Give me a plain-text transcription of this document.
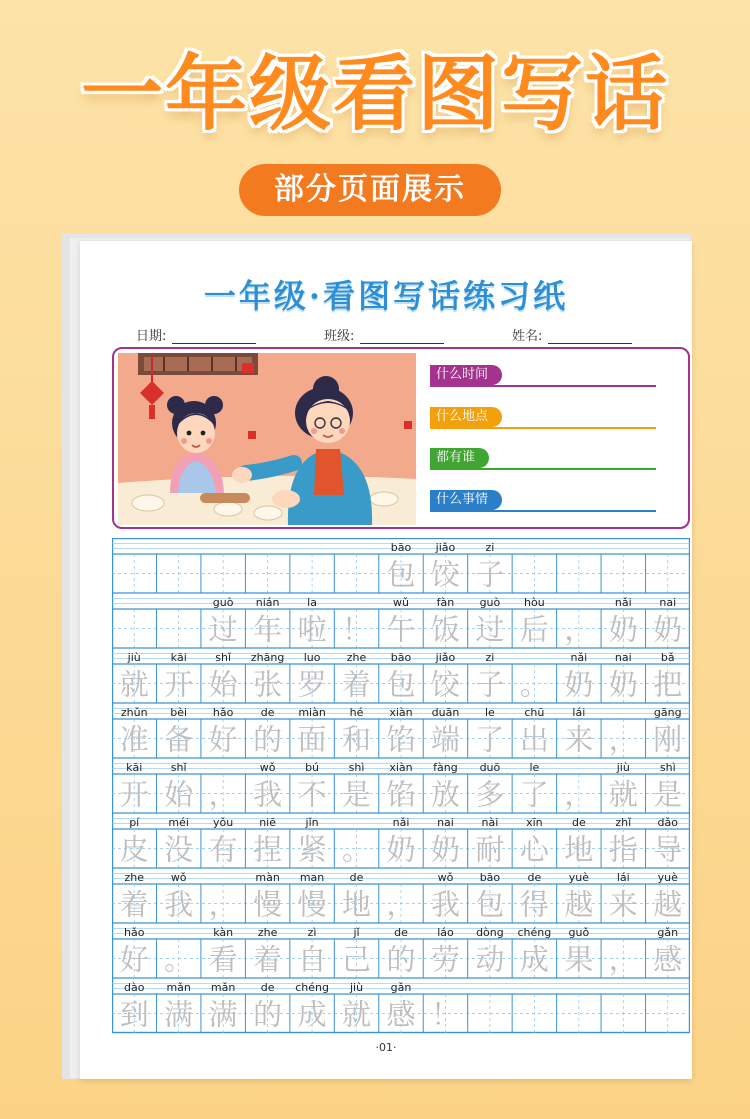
一年级看图写话
部分页面展示
一年级·看图写话练习纸
日期:	班级:	姓名:
什么时间
什么地点
都有谁
什么事情
bāo
包
jiǎo
饺
zi
子
guò
过
nián
年
la
啦 ！
wǔ
午
fàn
饭
guò
过
hòu
后 ，
nǎi
奶
nai
奶
jiù
就
kāi
开
shǐ
始
zhāng
张
luo
罗
zhe
着
bāo
包
jiǎo
饺
zi
子 。
nǎi
奶
nai
奶
bǎ
把
zhǔn
准
bèi
备
hǎo
好
de
的
miàn
面
hé
和
xiàn
馅
duān
端
le
了
chū
出
lái
来 ，
gāng
刚
kāi
开
shǐ
始 ，
wǒ
我
bú
不
shì
是
xiàn
馅
fàng
放
duō
多
le
了 ，
jiù
就
shì
是
pí
皮
méi
没
yǒu
有
niē
捏
jǐn
紧 。
nǎi
奶
nai
奶
nài
耐
xīn
心
de
地
zhǐ
指
dǎo
导
zhe
着
wǒ
我 ，
màn
慢
man
慢
de
地 ，
wǒ
我
bāo
包
de
得
yuè
越
lái
来
yuè
越
hǎo
好 。
kàn
看
zhe
着
zì
自
jǐ
己
de
的
láo
劳
dòng
动
chéng
成
guǒ
果 ，
gǎn
感
dào
到
mǎn
满
mǎn
满
de
的
chéng
成
jiù
就
gǎn
感 ！
·01·
